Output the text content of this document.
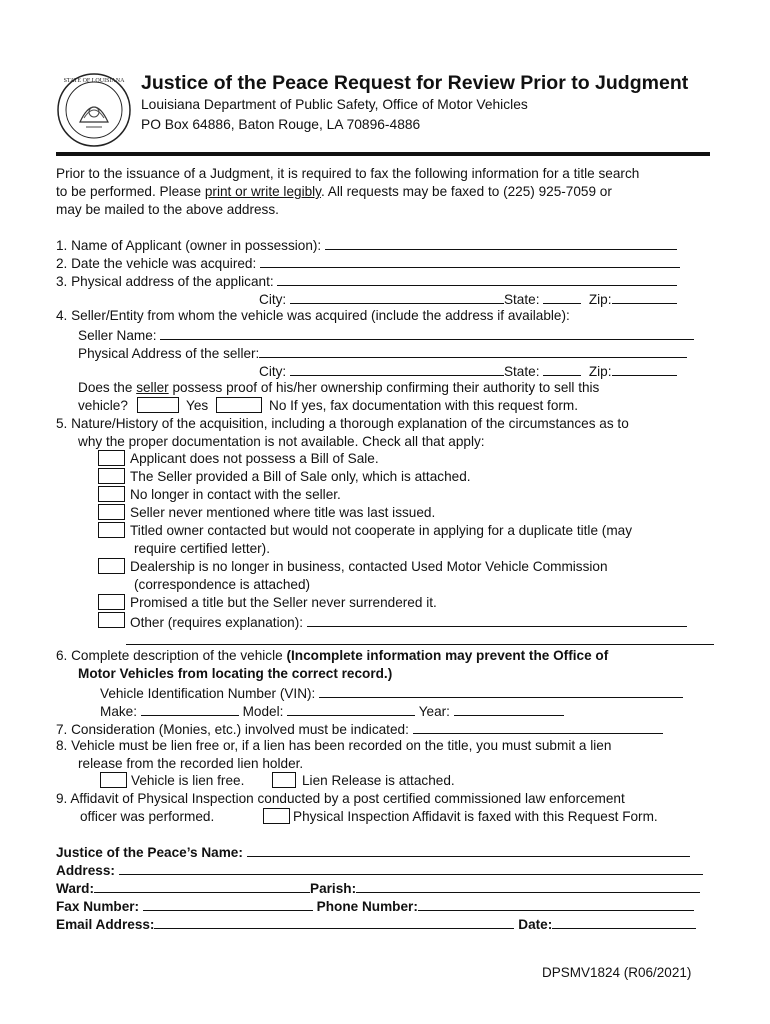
STATE OF LOUISIANA Justice of the Peace Request for Review Prior to Judgment
Louisiana Department of Public Safety, Office of Motor Vehicles
PO Box 64886, Baton Rouge, LA 70896-4886
Prior to the issuance of a Judgment, it is required to fax the following information for a title search
to be performed. Please print or write legibly. All requests may be faxed to (225) 925-7059 or
may be mailed to the above address.
1. Name of Applicant (owner in possession):
2. Date the vehicle was acquired:
3. Physical address of the applicant:
City:	State:	Zip:
4. Seller/Entity from whom the vehicle was acquired (include the address if available):
Seller Name:
Physical Address of the seller:
City:	State:	Zip:
Does the seller possess proof of his/her ownership confirming their authority to sell this
vehicle?	Yes	No If yes, fax documentation with this request form.
5. Nature/History of the acquisition, including a thorough explanation of the circumstances as to
why the proper documentation is not available. Check all that apply:
Applicant does not possess a Bill of Sale.
The Seller provided a Bill of Sale only, which is attached.
No longer in contact with the seller.
Seller never mentioned where title was last issued.
Titled owner contacted but would not cooperate in applying for a duplicate title (may
require certified letter).
Dealership is no longer in business, contacted Used Motor Vehicle Commission
(correspondence is attached)
Promised a title but the Seller never surrendered it.
Other (requires explanation):
6. Complete description of the vehicle (Incomplete information may prevent the Office of
Motor Vehicles from locating the correct record.)
Vehicle Identification Number (VIN):
Make:	Model:	Year:
7. Consideration (Monies, etc.) involved must be indicated:
8. Vehicle must be lien free or, if a lien has been recorded on the title, you must submit a lien
release from the recorded lien holder.
Vehicle is lien free.	Lien Release is attached.
9. Affidavit of Physical Inspection conducted by a post certified commissioned law enforcement
officer was performed.	Physical Inspection Affidavit is faxed with this Request Form.
Justice of the Peace’s Name:
Address:
Ward:	Parish:
Fax Number:	Phone Number:
Email Address:	Date:
DPSMV1824 (R06/2021)
